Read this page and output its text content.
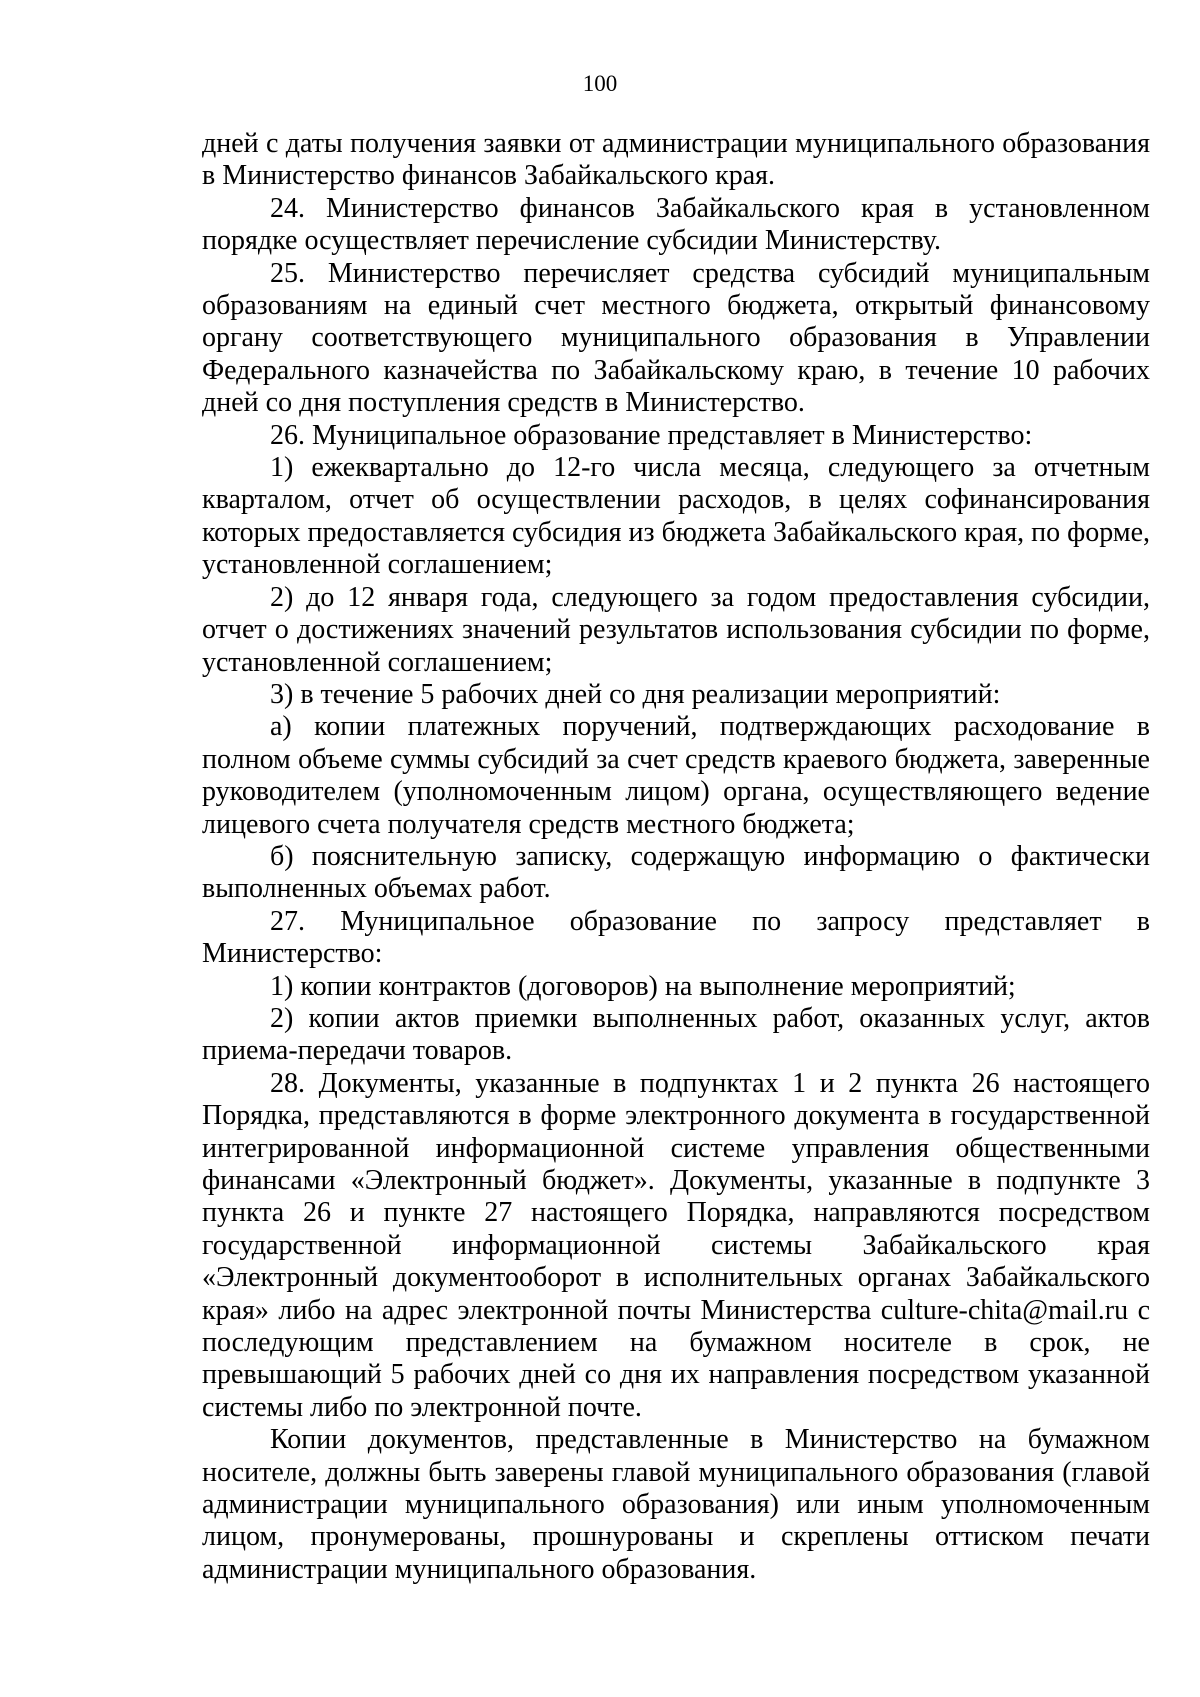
100

дней с даты получения заявки от администрации муниципального образования в Министерство финансов Забайкальского края.

24. Министерство финансов Забайкальского края в установленном порядке осуществляет перечисление субсидии Министерству.

25. Министерство перечисляет средства субсидий муниципальным образованиям на единый счет местного бюджета, открытый финансовому органу соответствующего муниципального образования в Управлении Федерального казначейства по Забайкальскому краю, в течение 10 рабочих дней со дня поступления средств в Министерство.

26. Муниципальное образование представляет в Министерство:

1) ежеквартально до 12-го числа месяца, следующего за отчетным кварталом, отчет об осуществлении расходов, в целях софинансирования которых предоставляется субсидия из бюджета Забайкальского края, по форме, установленной соглашением;

2) до 12 января года, следующего за годом предоставления субсидии, отчет о достижениях значений результатов использования субсидии по форме, установленной соглашением;

3) в течение 5 рабочих дней со дня реализации мероприятий:

а) копии платежных поручений, подтверждающих расходование в полном объеме суммы субсидий за счет средств краевого бюджета, заверенные руководителем (уполномоченным лицом) органа, осуществляющего ведение лицевого счета получателя средств местного бюджета;

б) пояснительную записку, содержащую информацию о фактически выполненных объемах работ.

27. Муниципальное образование по запросу представляет в Министерство:

1) копии контрактов (договоров) на выполнение мероприятий;

2) копии актов приемки выполненных работ, оказанных услуг, актов приема-передачи товаров.

28. Документы, указанные в подпунктах 1 и 2 пункта 26 настоящего Порядка, представляются в форме электронного документа в государственной интегрированной информационной системе управления общественными финансами «Электронный бюджет». Документы, указанные в подпункте 3 пункта 26 и пункте 27 настоящего Порядка, направляются посредством государственной информационной системы Забайкальского края «Электронный документооборот в исполнительных органах Забайкальского края» либо на адрес электронной почты Министерства culture-chita@mail.ru с последующим представлением на бумажном носителе в срок, не превышающий 5 рабочих дней со дня их направления посредством указанной системы либо по электронной почте.

Копии документов, представленные в Министерство на бумажном носителе, должны быть заверены главой муниципального образования (главой администрации муниципального образования) или иным уполномоченным лицом, пронумерованы, прошнурованы и скреплены оттиском печати администрации муниципального образования.
